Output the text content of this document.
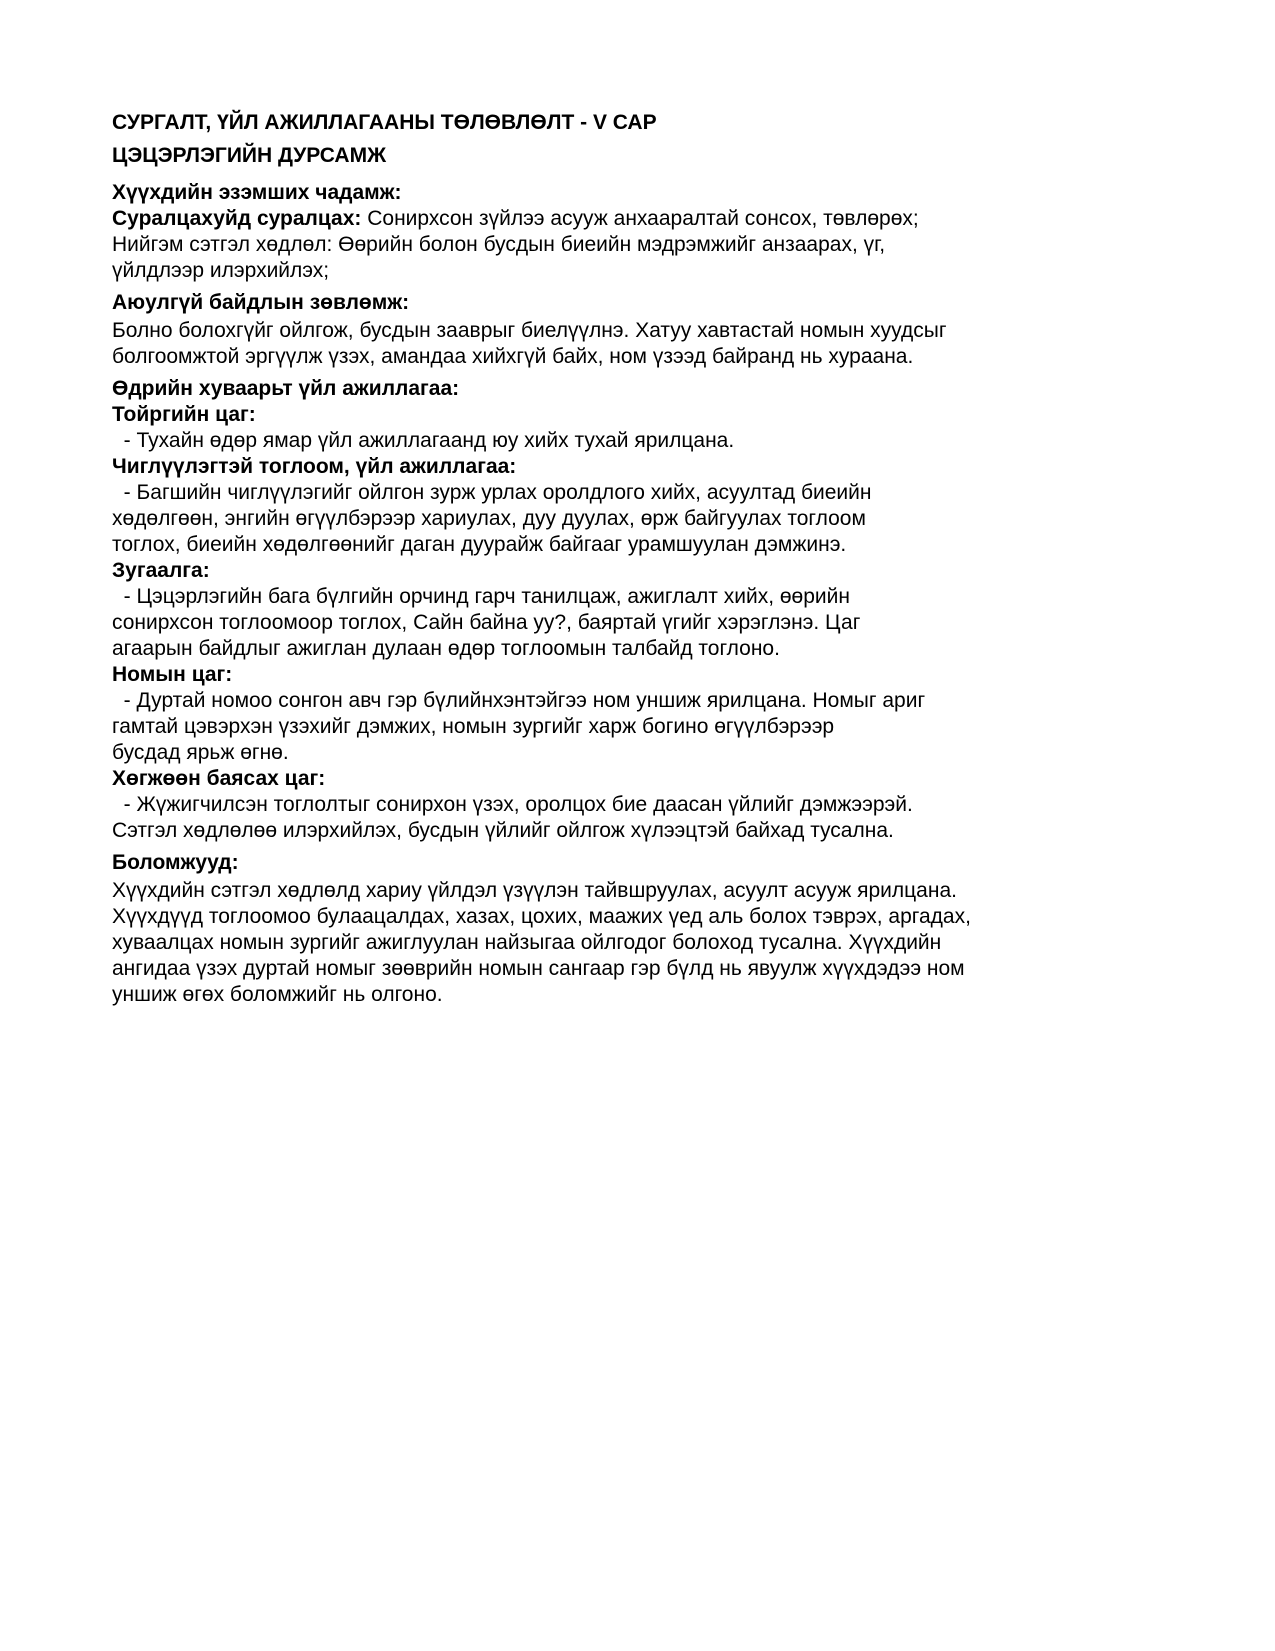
СУРГАЛТ, ҮЙЛ АЖИЛЛАГААНЫ ТӨЛӨВЛӨЛТ - V САР
ЦЭЦЭРЛЭГИЙН ДУРСАМЖ
Хүүхдийн эзэмших чадамж:
Суралцахуйд суралцах: Сонирхсон зүйлээ асууж анхааралтай сонсох, төвлөрөх;
Нийгэм сэтгэл хөдлөл: Өөрийн болон бусдын биеийн мэдрэмжийг анзаарах, үг,
үйлдлээр илэрхийлэх;
Аюулгүй байдлын зөвлөмж:
Болно болохгүйг ойлгож, бусдын зааврыг биелүүлнэ. Хатуу хавтастай номын хуудсыг
болгоомжтой эргүүлж үзэх, амандаа хийхгүй байх, ном үзээд байранд нь хураана.
Өдрийн хуваарьт үйл ажиллагаа:
Тойргийн цаг:
- Тухайн өдөр ямар үйл ажиллагаанд юу хийх тухай ярилцана.
Чиглүүлэгтэй тоглоом, үйл ажиллагаа:
- Багшийн чиглүүлэгийг ойлгон зурж урлах оролдлого хийх, асуултад биеийн
хөдөлгөөн, энгийн өгүүлбэрээр хариулах, дуу дуулах, өрж байгуулах тоглоом
тоглох, биеийн хөдөлгөөнийг даган дуурайж байгааг урамшуулан дэмжинэ.
Зугаалга:
- Цэцэрлэгийн бага бүлгийн орчинд гарч танилцаж, ажиглалт хийх, өөрийн
сонирхсон тоглоомоор тоглох, Сайн байна уу?, баяртай үгийг хэрэглэнэ. Цаг
агаарын байдлыг ажиглан дулаан өдөр тоглоомын талбайд тоглоно.
Номын цаг:
- Дуртай номоо сонгон авч гэр бүлийнхэнтэйгээ ном уншиж ярилцана. Номыг ариг
гамтай цэвэрхэн үзэхийг дэмжих, номын зургийг харж богино өгүүлбэрээр
бусдад ярьж өгнө.
Хөгжөөн баясах цаг:
- Жүжигчилсэн тоглолтыг сонирхон үзэх, оролцох бие даасан үйлийг дэмжээрэй.
Сэтгэл хөдлөлөө илэрхийлэх, бусдын үйлийг ойлгож хүлээцтэй байхад тусална.
Боломжууд:
Хүүхдийн сэтгэл хөдлөлд хариу үйлдэл үзүүлэн тайвшруулах, асуулт асууж ярилцана.
Хүүхдүүд тоглоомоо булаацалдах, хазах, цохих, маажих үед аль болох тэврэх, аргадах,
хуваалцах номын зургийг ажиглуулан найзыгаа ойлгодог болоход тусална. Хүүхдийн
ангидаа үзэх дуртай номыг зөөврийн номын сангаар гэр бүлд нь явуулж хүүхдэдээ ном
уншиж өгөх боломжийг нь олгоно.
